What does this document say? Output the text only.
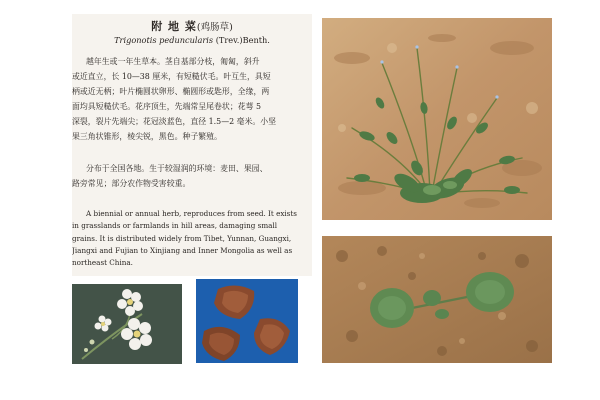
附 地 菜(鸡肠草)
Trigonotis peduncularis (Trev.)Benth.

越年生或一年生草本。茎自基部分枝，匍匐，斜升
或近直立，长 10—38 厘米，有短糙伏毛。叶互生，具短
柄或近无柄；叶片椭圆状卵形、椭圆形或匙形，全缘，两
面均具短糙伏毛。花序顶生，先端常呈尾卷状；花萼 5
深裂，裂片先端尖；花冠淡蓝色，直径 1.5—2 毫米。小坚
果三角状锥形，棱尖锐，黑色。种子繁殖。

分布于全国各地。生于较湿润的环境：麦田、果园、
路旁常见；部分农作物受害较重。

A biennial or annual herb, reproduces from seed. It exists
in grasslands or farmlands in hill areas, damaging small
grains. It is distributed widely from Tibet, Yunnan, Guangxi,
Jiangxi and Fujian to Xinjiang and Inner Mongolia as well as
northeast China.
